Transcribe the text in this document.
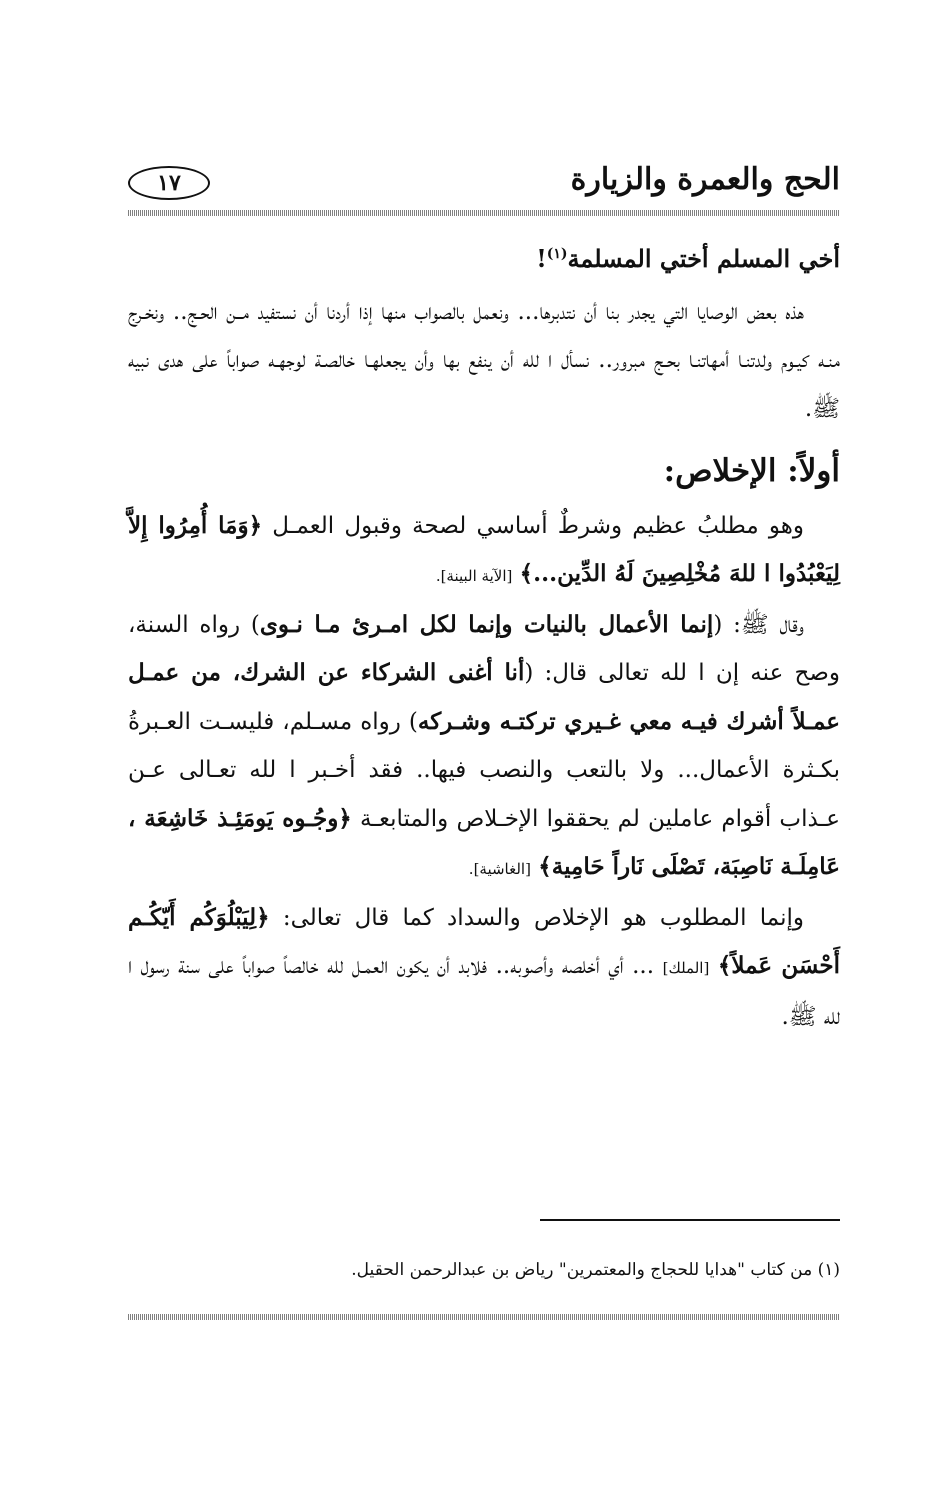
الحج والعمرة والزيارة
١٧

أخي المسلم أختي المسلمة$^{(١)}$!

هذه بعض الوصايا التي يجدر بنا أن نتدبرها... ونعمل بالصواب منها إذا أردنا أن نستفيد مــن الحـج.. ونخـرج منـه كيـوم ولدتنـا أمهاتنـا بحـج مبرور.. نسأل ا لله أن ينفع بها وأن يجعلهـا خالصـة لوجهـه صواباً على هدى نبيه ﷺ.

أولاً: الإخلاص:

وهو مطلبُ عظيم وشرطٌ أساسي لصحة وقبول العمـل ﴿وَمَا أُمِرُوا إِلاَّ لِيَعْبُدُوا ا للهَ مُخْلِصِينَ لَهُ الدِّين...﴾ [الآية البينة].

وقال ﷺ: (إنما الأعمال بالنيات وإنما لكل امـرئ مـا نـوى) رواه السنة، وصح عنه إن ا لله تعالى قال: (أنا أغنى الشركاء عن الشرك، من عمـل عمـلاً أشرك فيـه معي غـيري تركتـه وشـركه) رواه مسـلم، فليسـت العـبرةُ بكـثرة الأعمال... ولا بالتعب والنصب فيها.. فقد أخـبر ا لله تعـالى عـن عـذاب أقوام عاملين لم يحققوا الإخـلاص والمتابعـة ﴿وجُـوه يَومَئِـذ خَاشِعَة ، عَامِلَـة نَاصِبَة، تَصْلَى نَاراً حَامِية﴾ [الغاشية].

وإنما المطلوب هو الإخلاص والسداد كما قال تعالى: ﴿لِيَبْلُوَكُم أَيّكُـم أَحْسَن عَملاً﴾ [الملك] ... أي أخلصه وأصوبه.. فلابد أن يكون العمـل لله خالصاً صواباً على سنة رسول ا لله ﷺ.

(١) من كتاب "هدايا للحجاج والمعتمرين" رياض بن عبدالرحمن الحقيل.
